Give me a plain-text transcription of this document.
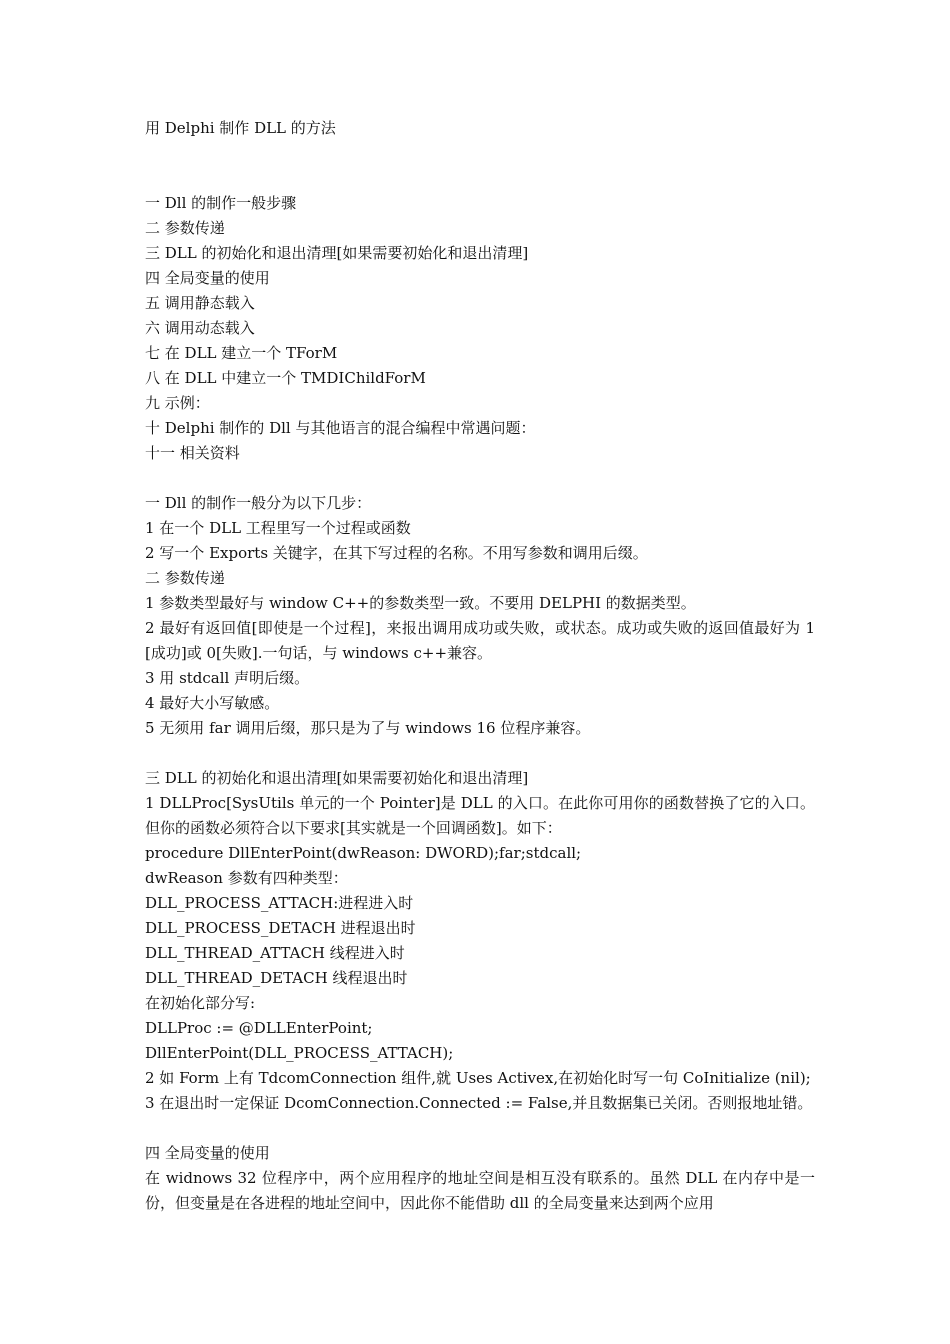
用 Delphi 制作 DLL 的方法
一 Dll 的制作一般步骤
二 参数传递
三 DLL 的初始化和退出清理[如果需要初始化和退出清理]
四 全局变量的使用
五 调用静态载入
六 调用动态载入
七 在 DLL 建立一个 TForM
八 在 DLL 中建立一个 TMDIChildForM
九 示例：
十 Delphi 制作的 Dll 与其他语言的混合编程中常遇问题：
十一 相关资料
一 Dll 的制作一般分为以下几步：
1 在一个 DLL 工程里写一个过程或函数
2 写一个 Exports 关键字，在其下写过程的名称。不用写参数和调用后缀。
二 参数传递
1 参数类型最好与 window C++的参数类型一致。不要用 DELPHI 的数据类型。

2 最好有返回值[即使是一个过程]，来报出调用成功或失败，或状态。成功或失败的返回值最好为 1[成功]或 0[失败].一句话，与 windows c++兼容。

3 用 stdcall 声明后缀。
4 最好大小写敏感。
5 无须用 far 调用后缀，那只是为了与 windows 16 位程序兼容。
三 DLL 的初始化和退出清理[如果需要初始化和退出清理]

1 DLLProc[SysUtils 单元的一个 Pointer]是 DLL 的入口。在此你可用你的函数替换了它的入口。但你的函数必须符合以下要求[其实就是一个回调函数]。如下：

procedure DllEnterPoint(dwReason: DWORD);far;stdcall;
dwReason 参数有四种类型：
DLL_PROCESS_ATTACH:进程进入时
DLL_PROCESS_DETACH 进程退出时
DLL_THREAD_ATTACH 线程进入时
DLL_THREAD_DETACH 线程退出时
在初始化部分写:
DLLProc := @DLLEnterPoint;
DllEnterPoint(DLL_PROCESS_ATTACH);
2 如 Form 上有 TdcomConnection 组件,就 Uses Activex,在初始化时写一句 CoInitialize (nil);
3 在退出时一定保证 DcomConnection.Connected := False,并且数据集已关闭。否则报地址错。
四 全局变量的使用

在 widnows 32 位程序中，两个应用程序的地址空间是相互没有联系的。虽然 DLL 在内存中是一份，但变量是在各进程的地址空间中，因此你不能借助 dll 的全局变量来达到两个应用
